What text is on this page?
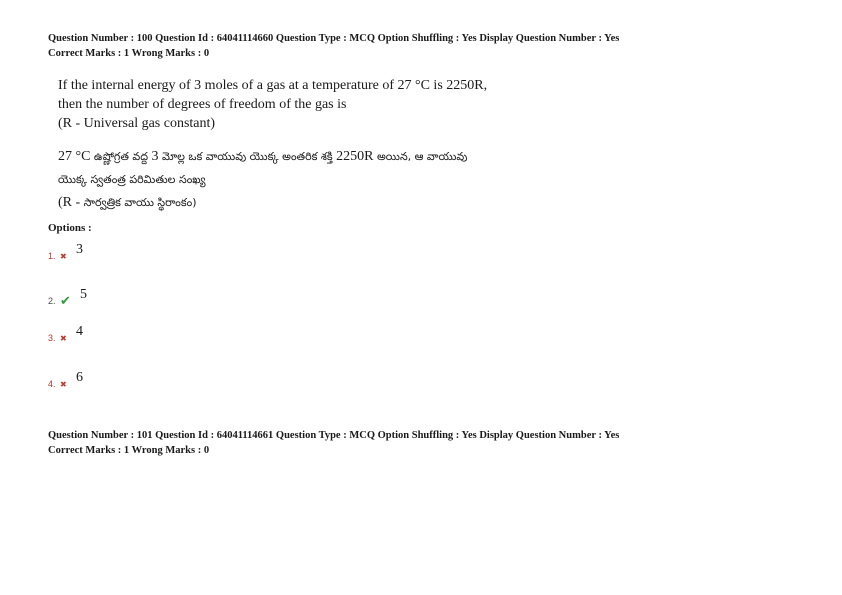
Question Number : 100 Question Id : 64041114660 Question Type : MCQ Option Shuffling : Yes Display Question Number : Yes
Correct Marks : 1 Wrong Marks : 0
If the internal energy of 3 moles of a gas at a temperature of 27 °C is 2250R,
then the number of degrees of freedom of the gas is
(R - Universal gas constant)
27 °C ఉష్ణోగ్రత వద్ద 3 మోల్ల ఒక వాయువు యొక్క అంతరిక శక్తి 2250R అయిన, ఆ వాయువు
యొక్క స్వతంత్ర పరిమితుల సంఖ్య
(R - సార్వత్రిక వాయు స్థిరాంకం)
Options :
1. ✖ 3
2. ✔ 5
3. ✖ 4
4. ✖ 6
Question Number : 101 Question Id : 64041114661 Question Type : MCQ Option Shuffling : Yes Display Question Number : Yes
Correct Marks : 1 Wrong Marks : 0
